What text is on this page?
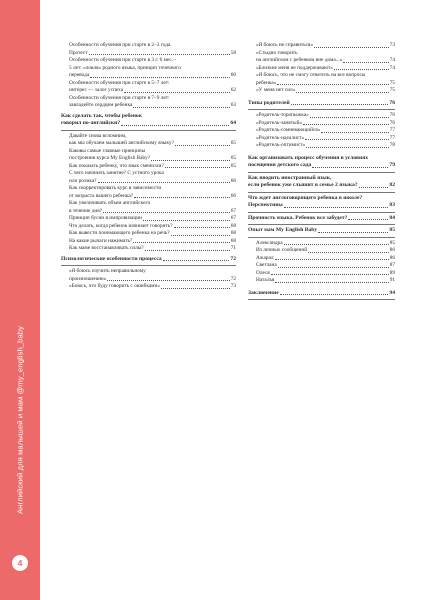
Английский для малышей и мам @my_english_baby
4
Особенности обучения при старте в 2–3 года.
Протест	58
Особенности обучения при старте в 3 г. 6 мес.–
5 лет: «ловля» родного языка, принцип точечного
перевода	60
Особенности обучения при старте в 5–7 лет:
интерес — залог успеха	62
Особенности обучения при старте в 7–9 лет:
завладейте сердцем ребенка	63
Как сделать так, чтобы ребенок
говорил по-английски?	64
Давайте снова вспомним,
как мы обучаем малышей английскому языку?	65
Каковы самые главные принципы
построения курса My English Baby?	65
Как показать ребенку, что язык сменился?	65
С чего начинать занятие? С устного урока
или ролика?	66
Как скорректировать курс в зависимости
от возраста вашего ребенка?	66
Как увеличивать объем английского
в течение дня?	67
Принцип бусин в импровизации	67
Что делать, когда ребенок начинает говорить?	68
Как вывести понимающего ребенка на речь?	68
На какие рычаги нажимать?	68
Как маме восстанавливать силы?	71
Психологические особенности процесса	72
«Я боюсь изучить неправильному
произношению»	72
«Боюсь, что буду говорить с ошибками»	73
«Я боюсь не справиться»	73
«Стыдно говорить
на английском с ребенком вне дома...»	74
«Близкие меня не поддерживают»	74
«Я боюсь, что не смогу ответить на все вопросы
ребенка»	75
«У меня нет сил»	75
Типы родителей	76
«Родитель-торопыжка»	76
«Родитель-занятый»	76
«Родитель-сомневающийся»	77
«Родитель-идеалист»	77
«Родитель-оптимист»	78
Как организовать процесс обучения в условиях
посещения детского сада	79
Как вводить иностранный язык,
если ребенок уже слышит в семье 2 языка?	82
Что ждет англоговорящего ребенка в школе?
Перспективы	83
Прочность языка. Ребенок все забудет?	84
Опыт мам My English Baby	85
Александра	85
Из личных сообщений	86
Ажарал	86
Светлана	87
Олеся	89
Наталья	91
Заключение	94
